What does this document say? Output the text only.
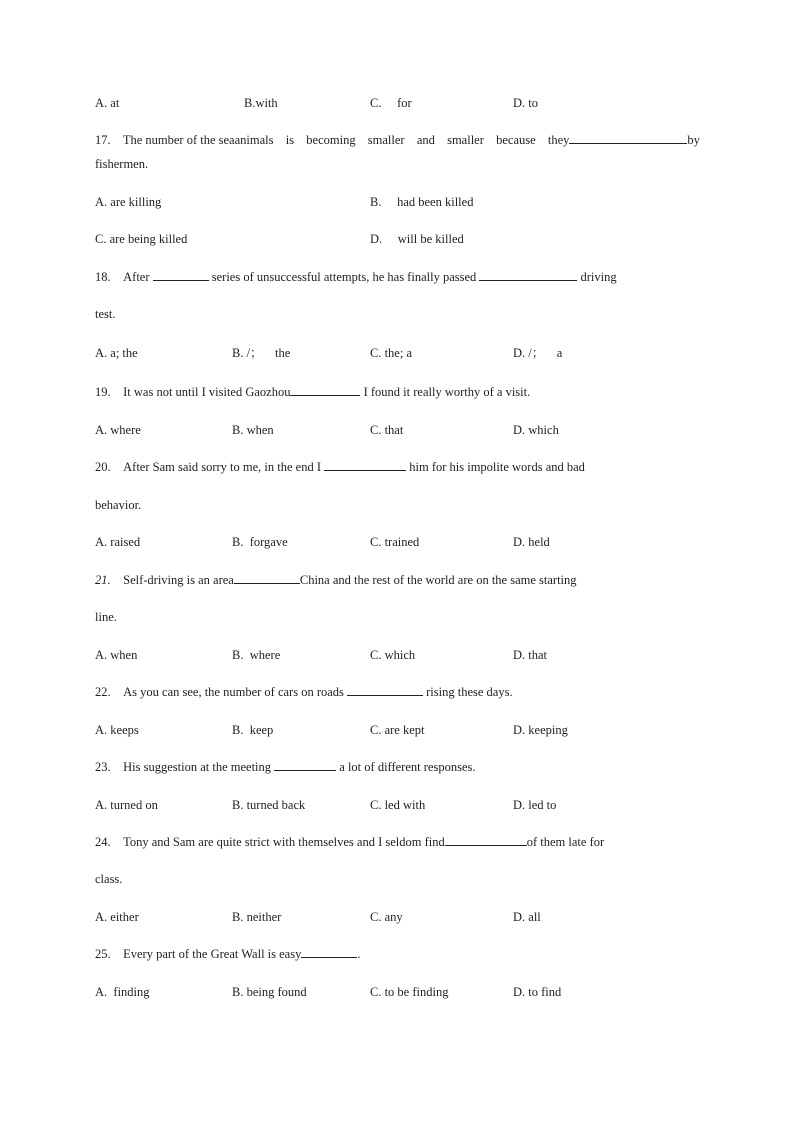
A. at	B.with	C.     for	D. to
17. The number of the seaanimals is becoming smaller and smaller because they	by
fishermen.
A. are killing	B.     had been killed
C. are being killed	D.     will be killed
18.    After	series of unsuccessful attempts, he has finally passed	driving
test.
A. a; the	B. /；    the	C. the; a	D. /；    a
19.    It was not until I visited Gaozhou	I found it really worthy of a visit.
A. where	B. when	C. that	D. which
20.    After Sam said sorry to me, in the end I	him for his impolite words and bad
behavior.
A. raised	B.  forgave	C. trained	D. held
21. Self-driving is an area	China and the rest of the world are on the same starting
line.
A. when	B.  where	C. which	D. that
22.    As you can see, the number of cars on roads	rising these days.
A. keeps	B.  keep	C. are kept	D. keeping
23.    His suggestion at the meeting	a lot of different responses.
A. turned on	B. turned back	C. led with	D. led to
24.    Tony and Sam are quite strict with themselves and I seldom find	of them late for
class.
A. either	B. neither	C. any	D. all
25.    Every part of the Great Wall is easy	.
A.  finding	B. being found	C. to be finding	D. to find
